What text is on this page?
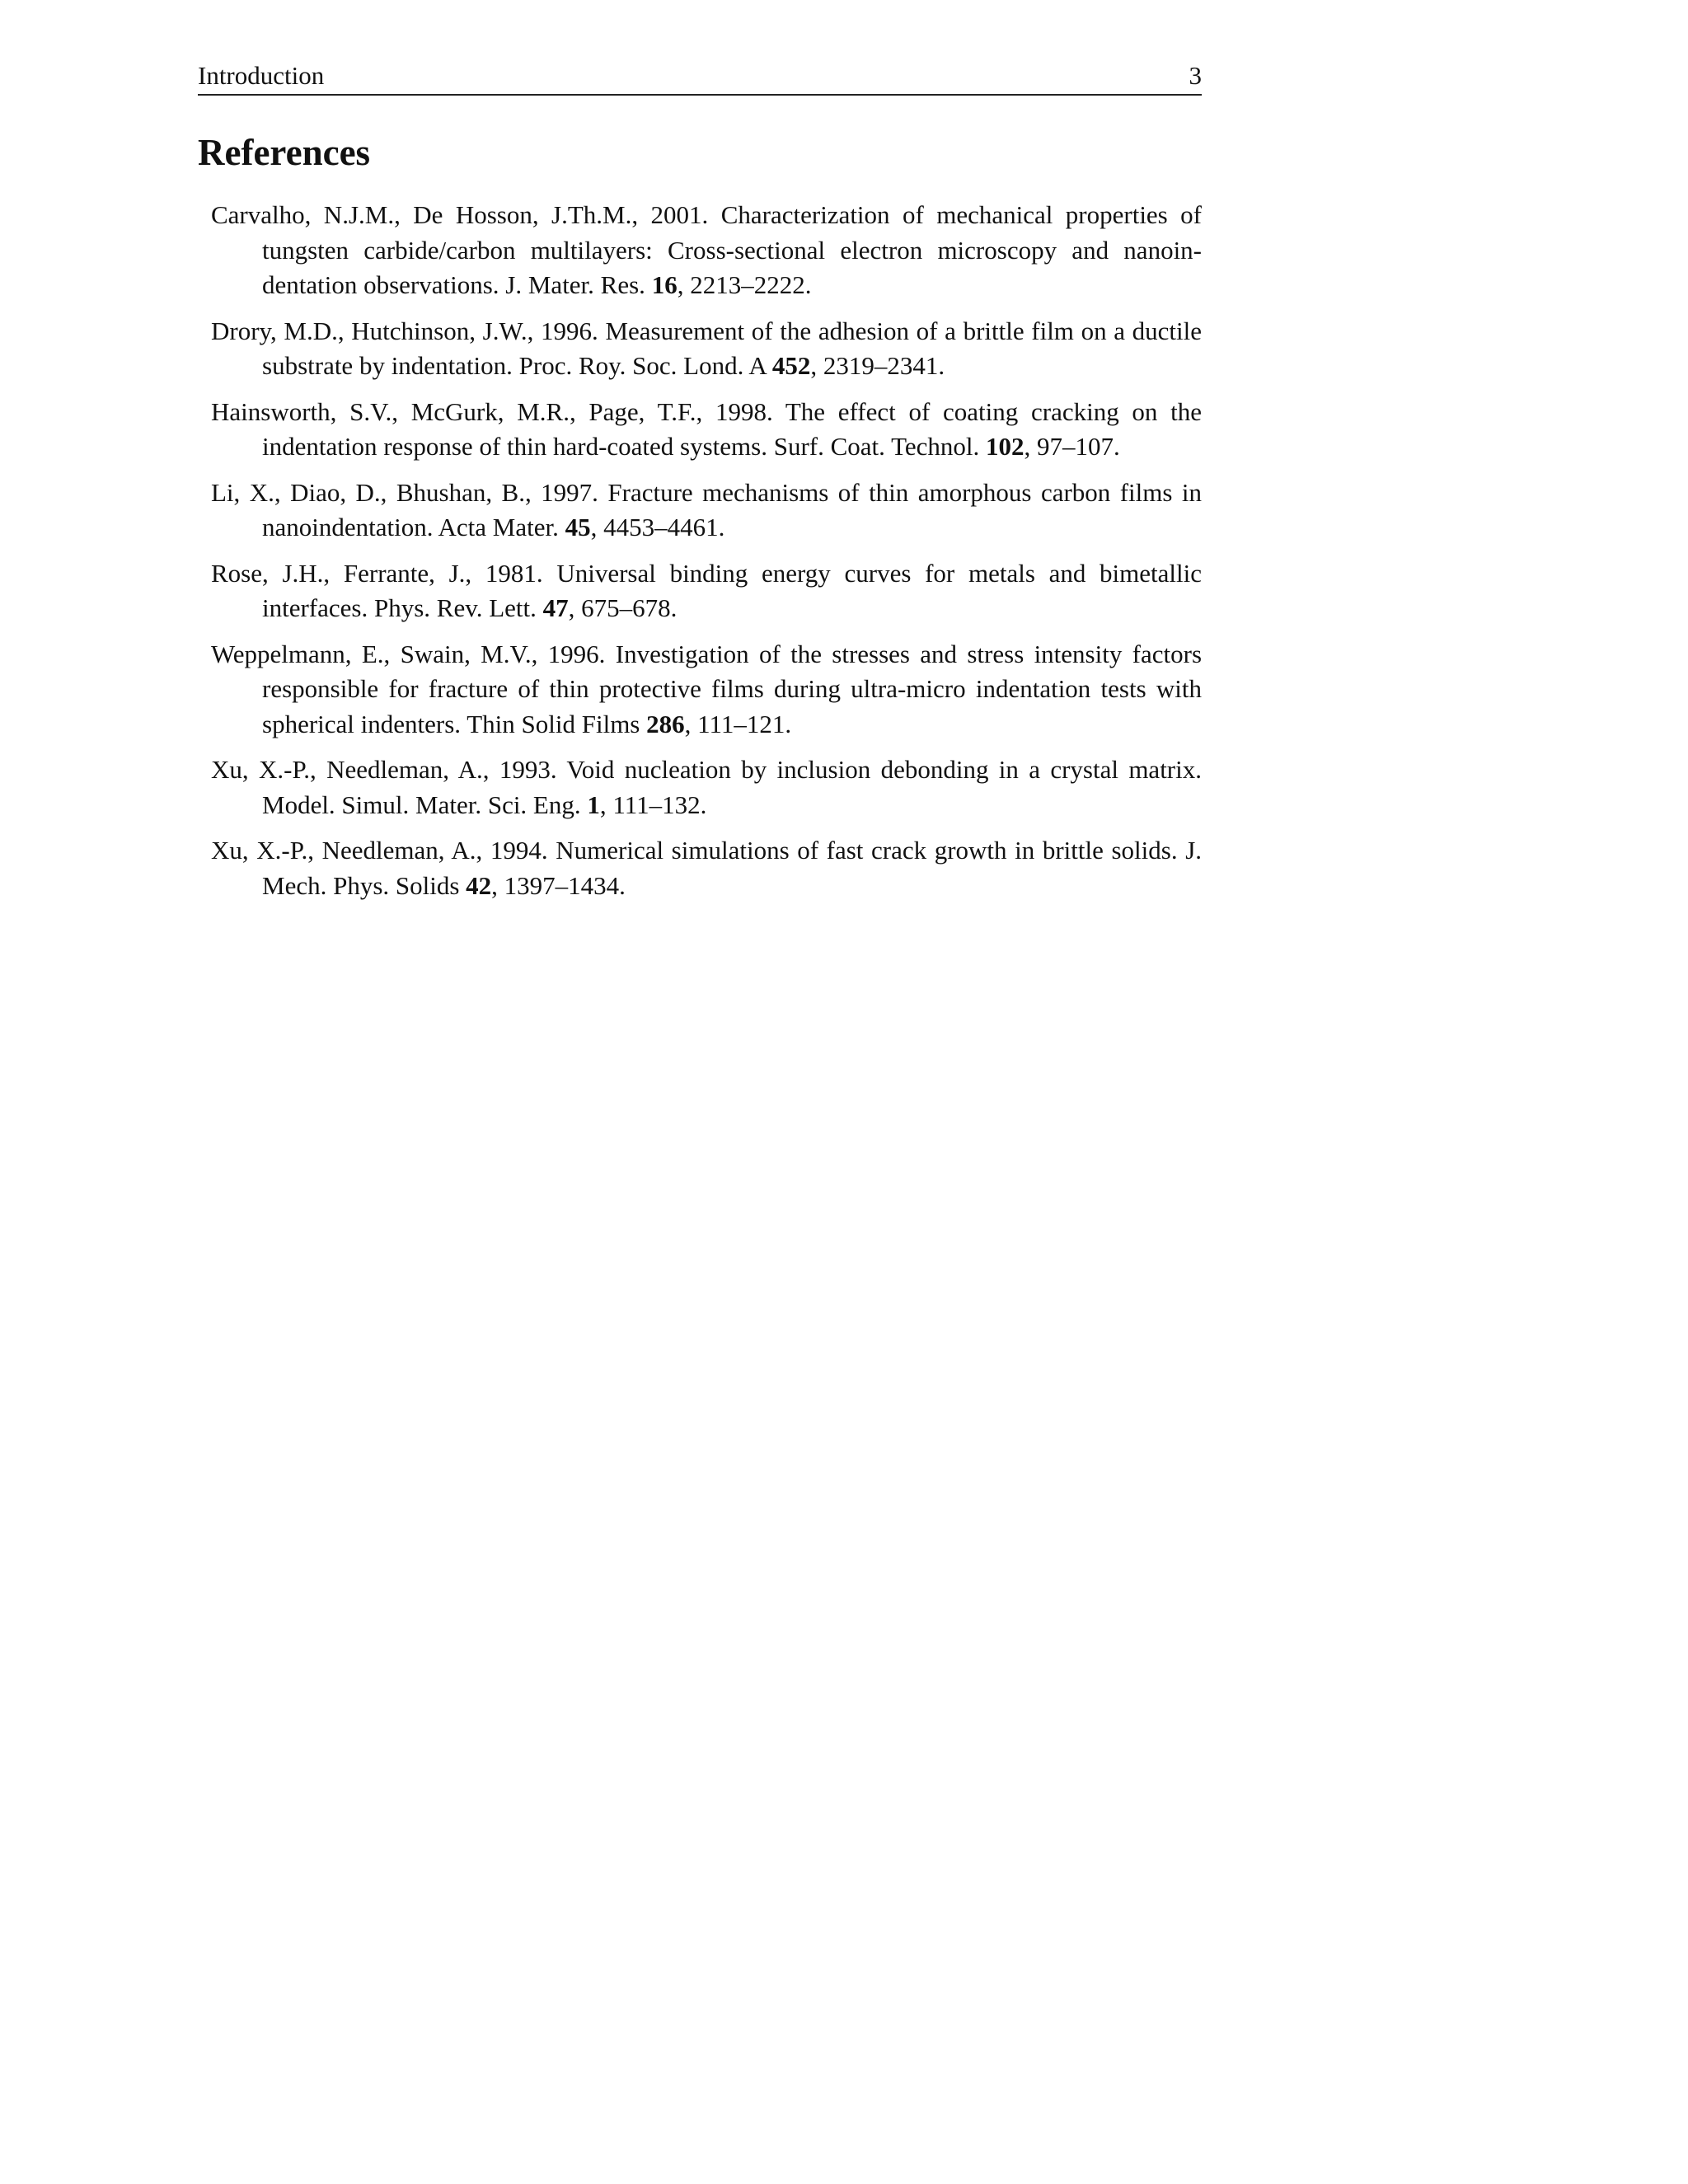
Introduction	3
References
Carvalho, N.J.M., De Hosson, J.Th.M., 2001. Characterization of mechanical properties of tungsten carbide/carbon multilayers: Cross-sectional electron microscopy and nanoin-dentation observations. J. Mater. Res. 16, 2213–2222.
Drory, M.D., Hutchinson, J.W., 1996. Measurement of the adhesion of a brittle film on a ductile substrate by indentation. Proc. Roy. Soc. Lond. A 452, 2319–2341.
Hainsworth, S.V., McGurk, M.R., Page, T.F., 1998. The effect of coating cracking on the indentation response of thin hard-coated systems. Surf. Coat. Technol. 102, 97–107.
Li, X., Diao, D., Bhushan, B., 1997. Fracture mechanisms of thin amorphous carbon films in nanoindentation. Acta Mater. 45, 4453–4461.
Rose, J.H., Ferrante, J., 1981. Universal binding energy curves for metals and bimetallic interfaces. Phys. Rev. Lett. 47, 675–678.
Weppelmann, E., Swain, M.V., 1996. Investigation of the stresses and stress intensity factors responsible for fracture of thin protective films during ultra-micro indentation tests with spherical indenters. Thin Solid Films 286, 111–121.
Xu, X.-P., Needleman, A., 1993. Void nucleation by inclusion debonding in a crystal matrix. Model. Simul. Mater. Sci. Eng. 1, 111–132.
Xu, X.-P., Needleman, A., 1994. Numerical simulations of fast crack growth in brittle solids. J. Mech. Phys. Solids 42, 1397–1434.
